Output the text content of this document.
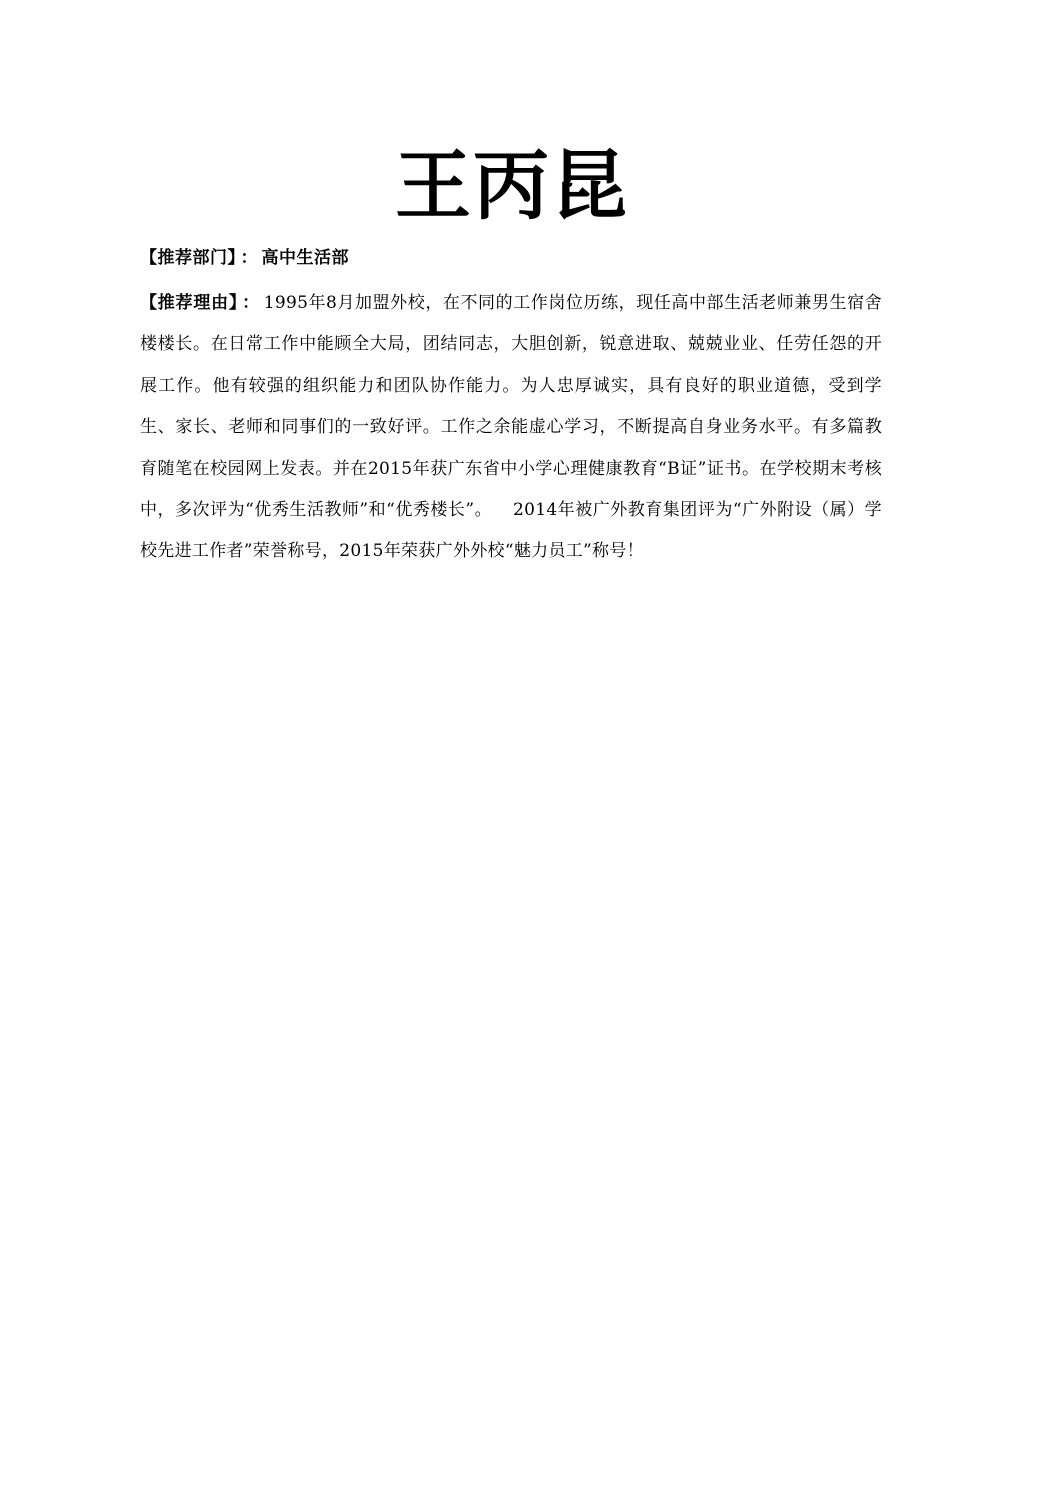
王丙昆
【推荐部门】 ： 高中生活部
【推荐理由】 ： 1995年8月加盟外校，在不同的工作岗位历练，现任高中部生活老师兼男生宿舍楼楼长。在日常工作中能顾全大局，团结同志，大胆创新，锐意进取、兢兢业业、任劳任怨的开展工作。他有较强的组织能力和团队协作能力。为人忠厚诚实，具有良好的职业道德，受到学生、家长、老师和同事们的一致好评。工作之余能虚心学习，不断提高自身业务水平。有多篇教育随笔在校园网上发表。并在2015年获广东省中小学心理健康教育“B证”证书。在学校期末考核中，多次评为“优秀生活教师”和“优秀楼长”。　  2014年被广外教育集团评为“广外附设（属）学校先进工作者”荣誉称号，2015年荣获广外外校“魅力员工”称号！
